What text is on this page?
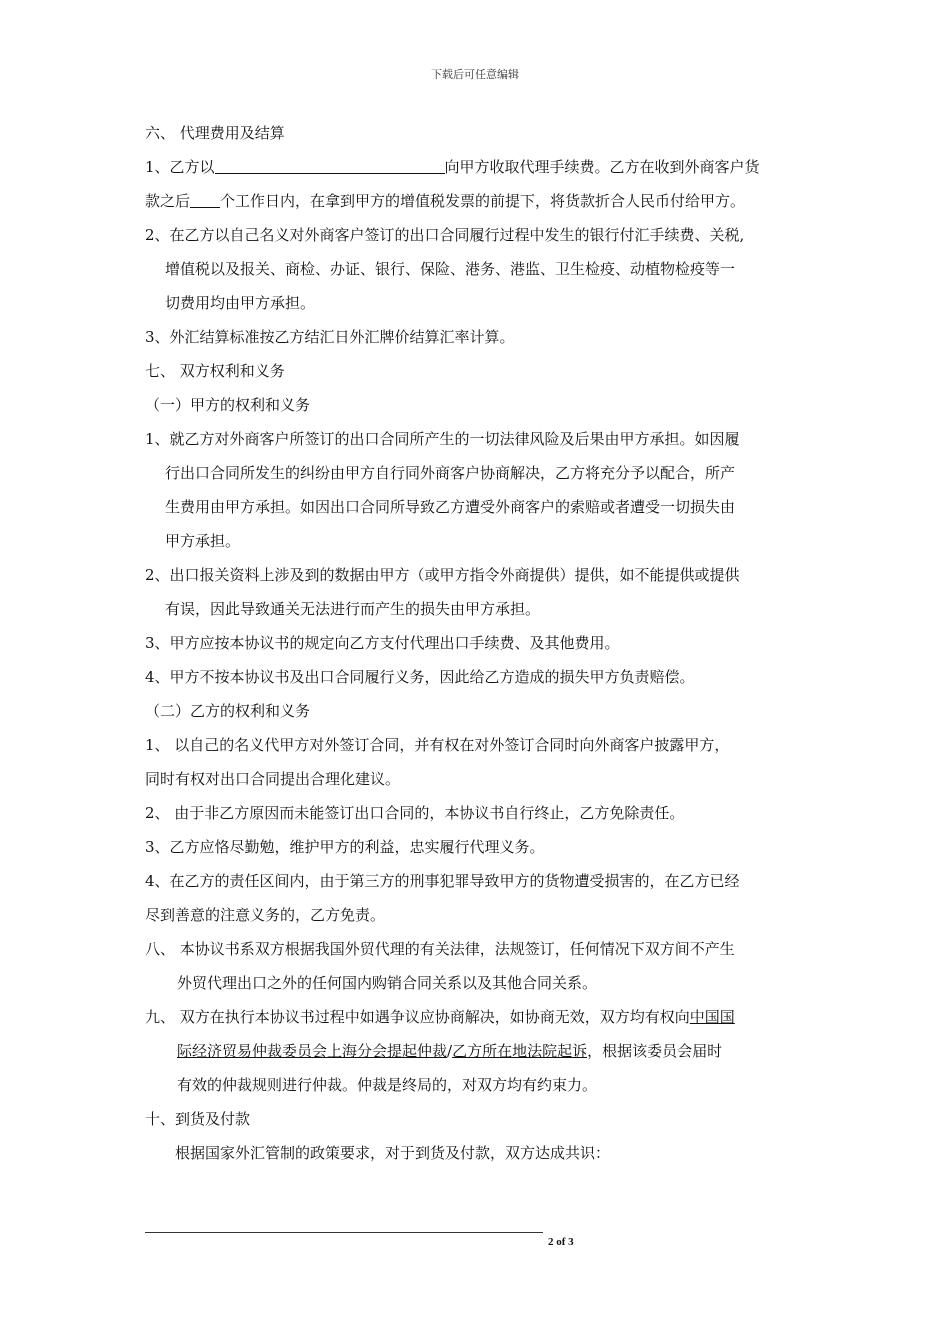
下载后可任意编辑

六、 代理费用及结算

1、乙方以	向甲方收取代理手续费。乙方在收到外商客户货

款之后 个工作日内，在拿到甲方的增值税发票的前提下，将货款折合人民币付给甲方。

2、在乙方以自己名义对外商客户签订的出口合同履行过程中发生的银行付汇手续费、关税,

增值税以及报关、商检、办证、银行、保险、港务、港监、卫生检疫、动植物检疫等一

切费用均由甲方承担。

3、外汇结算标准按乙方结汇日外汇牌价结算汇率计算。

七、 双方权利和义务

（一）甲方的权利和义务

1、就乙方对外商客户所签订的出口合同所产生的一切法律风险及后果由甲方承担。如因履

行出口合同所发生的纠纷由甲方自行同外商客户协商解决，乙方将充分予以配合，所产

生费用由甲方承担。如因出口合同所导致乙方遭受外商客户的索赔或者遭受一切损失由

甲方承担。

2、出口报关资料上涉及到的数据由甲方（或甲方指令外商提供）提供，如不能提供或提供

有误，因此导致通关无法进行而产生的损失由甲方承担。

3、甲方应按本协议书的规定向乙方支付代理出口手续费、及其他费用。

4、甲方不按本协议书及出口合同履行义务，因此给乙方造成的损失甲方负责赔偿。

（二）乙方的权利和义务

1、 以自己的名义代甲方对外签订合同，并有权在对外签订合同时向外商客户披露甲方，

同时有权对出口合同提出合理化建议。

2、 由于非乙方原因而未能签订出口合同的，本协议书自行终止，乙方免除责任。

3、乙方应恪尽勤勉，维护甲方的利益，忠实履行代理义务。

4、在乙方的责任区间内，由于第三方的刑事犯罪导致甲方的货物遭受损害的，在乙方已经

尽到善意的注意义务的，乙方免责。

八、 本协议书系双方根据我国外贸代理的有关法律，法规签订，任何情况下双方间不产生

外贸代理出口之外的任何国内购销合同关系以及其他合同关系。

九、 双方在执行本协议书过程中如遇争议应协商解决，如协商无效，双方均有权向中国国

际经济贸易仲裁委员会上海分会提起仲裁/乙方所在地法院起诉，根据该委员会届时

有效的仲裁规则进行仲裁。仲裁是终局的，对双方均有约束力。

十、到货及付款

根据国家外汇管制的政策要求，对于到货及付款，双方达成共识：

2 of 3
